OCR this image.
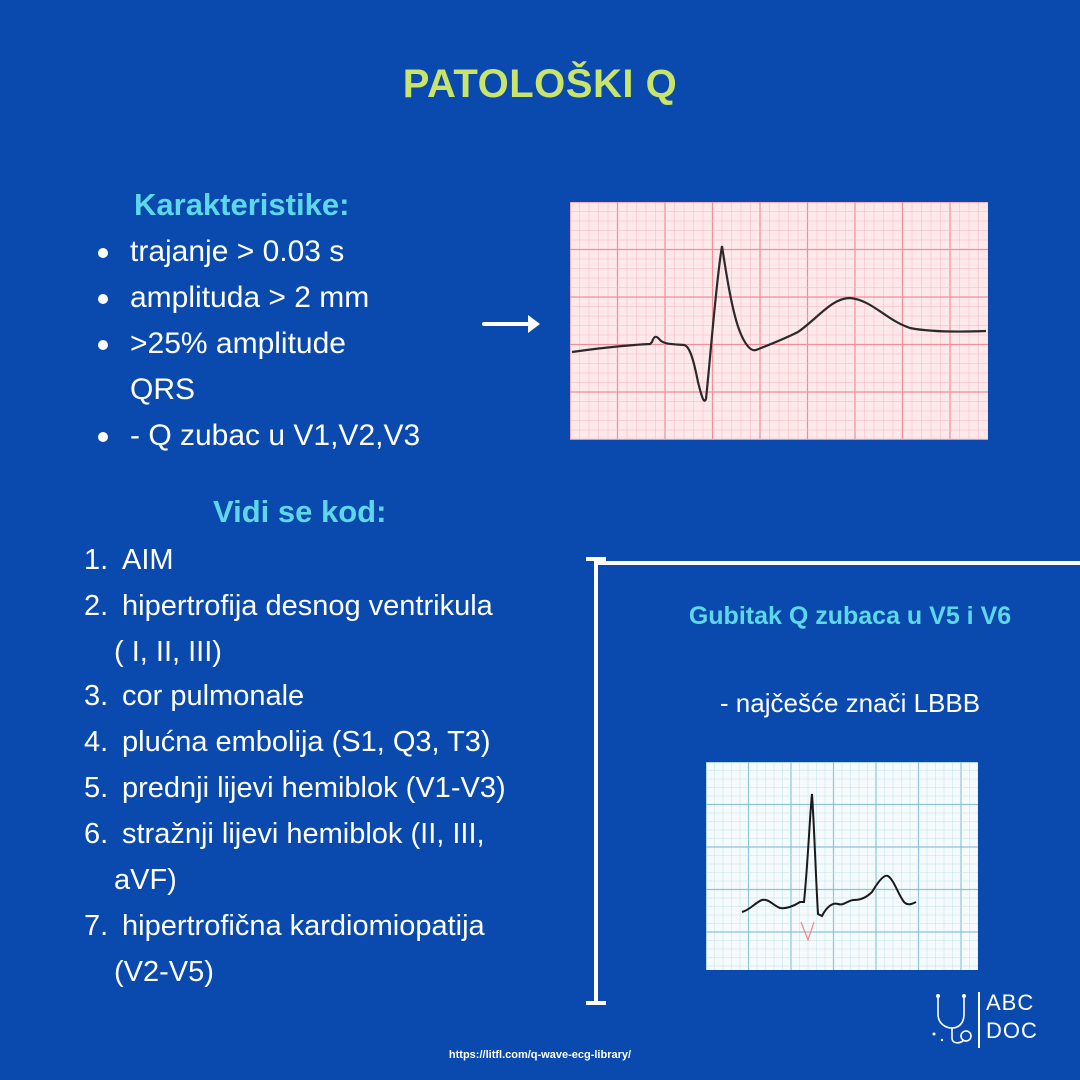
PATOLOŠKI Q
Karakteristike:
trajanje > 0.03 s
amplituda > 2 mm
>25% amplitude
QRS
- Q zubac u V1,V2,V3
Vidi se kod:
1. AIM
2. hipertrofija desnog ventrikula
( I, II, III)
3. cor pulmonale
4. plućna embolija (S1, Q3, T3)
5. prednji lijevi hemiblok (V1-V3)
6. stražnji lijevi hemiblok (II, III,
aVF)
7. hipertrofična kardiomiopatija
(V2-V5)
Gubitak Q zubaca u V5 i V6
- najčešće znači LBBB
ABC
DOC
https://litfl.com/q-wave-ecg-library/
